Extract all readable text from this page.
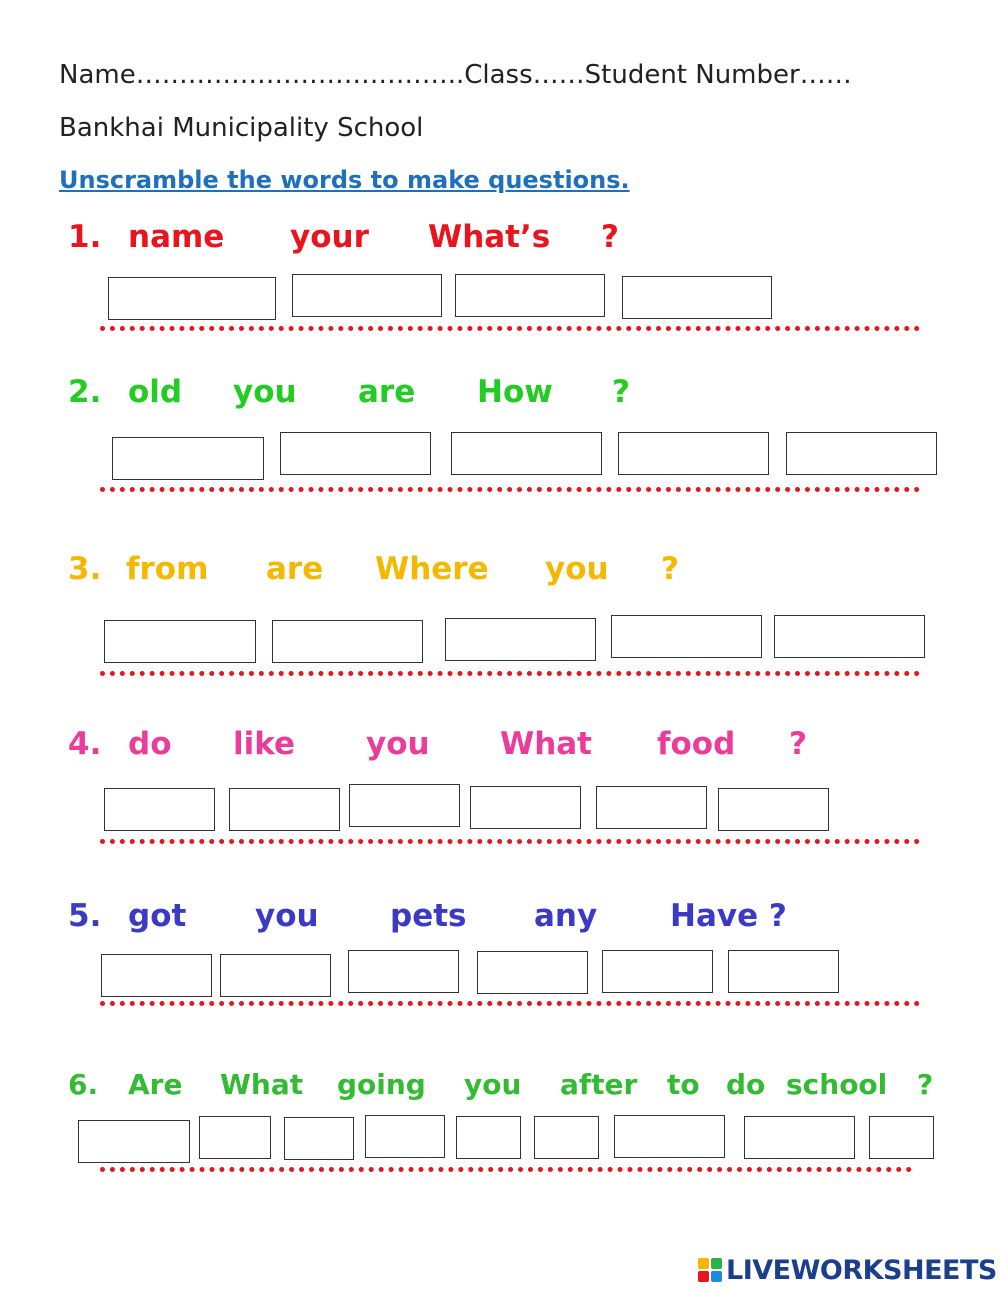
Name………………………………..Class……Student Number……
Bankhai Municipality School
Unscramble the words to make questions.
1. name your What’s ?
2. old you are How ?
3. from are Where you ?
4. do like you What food ?
5. got you pets any Have ?
6. Are What going you after to do school ?
LIVEWORKSHEETS
